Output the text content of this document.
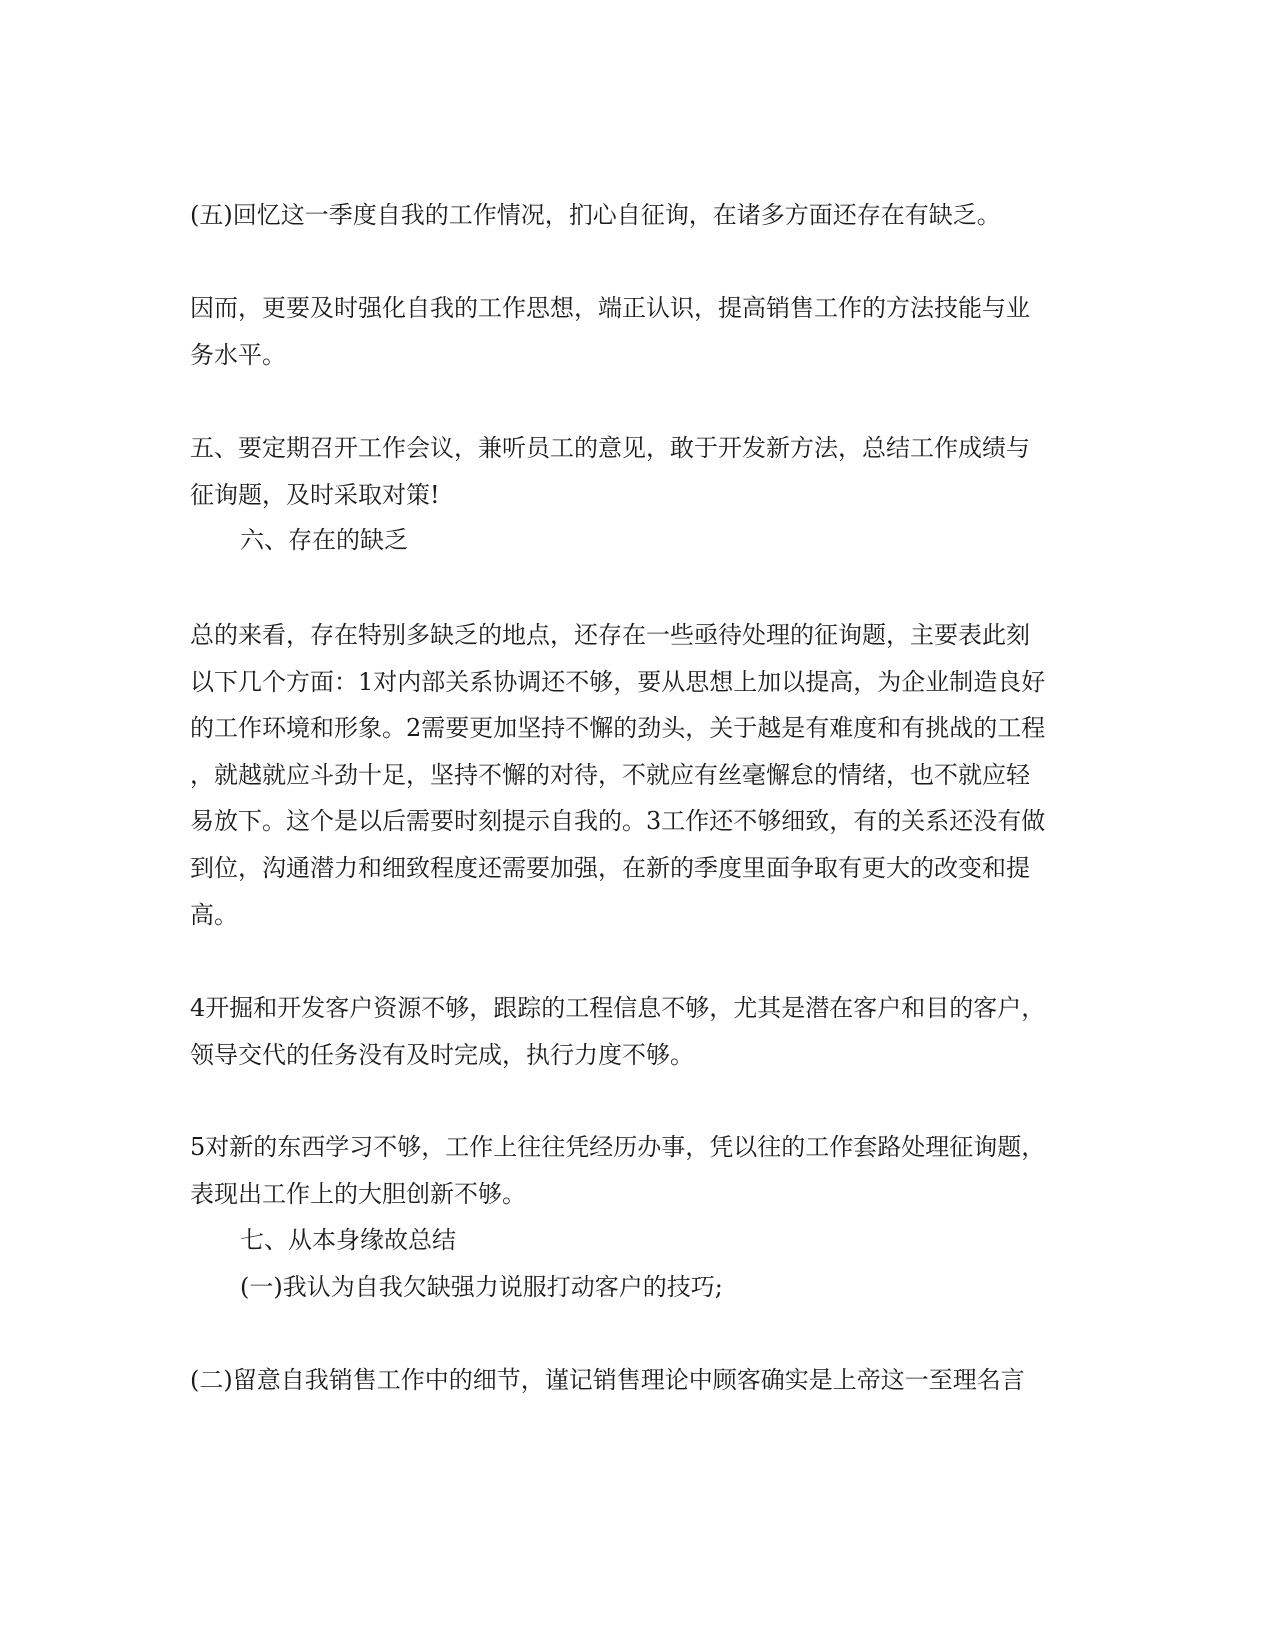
(五)回忆这一季度自我的工作情况，扪心自征询，在诸多方面还存在有缺乏。
因而，更要及时强化自我的工作思想，端正认识，提高销售工作的方法技能与业
务水平。
五、要定期召开工作会议，兼听员工的意见，敢于开发新方法，总结工作成绩与
征询题，及时采取对策!
六、存在的缺乏
总的来看，存在特别多缺乏的地点，还存在一些亟待处理的征询题，主要表此刻
以下几个方面：1对内部关系协调还不够，要从思想上加以提高，为企业制造良好
的工作环境和形象。2需要更加坚持不懈的劲头，关于越是有难度和有挑战的工程
，就越就应斗劲十足，坚持不懈的对待，不就应有丝毫懈怠的情绪，也不就应轻
易放下。这个是以后需要时刻提示自我的。3工作还不够细致，有的关系还没有做
到位，沟通潜力和细致程度还需要加强，在新的季度里面争取有更大的改变和提
高。
4开掘和开发客户资源不够，跟踪的工程信息不够，尤其是潜在客户和目的客户，
领导交代的任务没有及时完成，执行力度不够。
5对新的东西学习不够，工作上往往凭经历办事，凭以往的工作套路处理征询题，
表现出工作上的大胆创新不够。
七、从本身缘故总结
(一)我认为自我欠缺强力说服打动客户的技巧;
(二)留意自我销售工作中的细节，谨记销售理论中顾客确实是上帝这一至理名言
